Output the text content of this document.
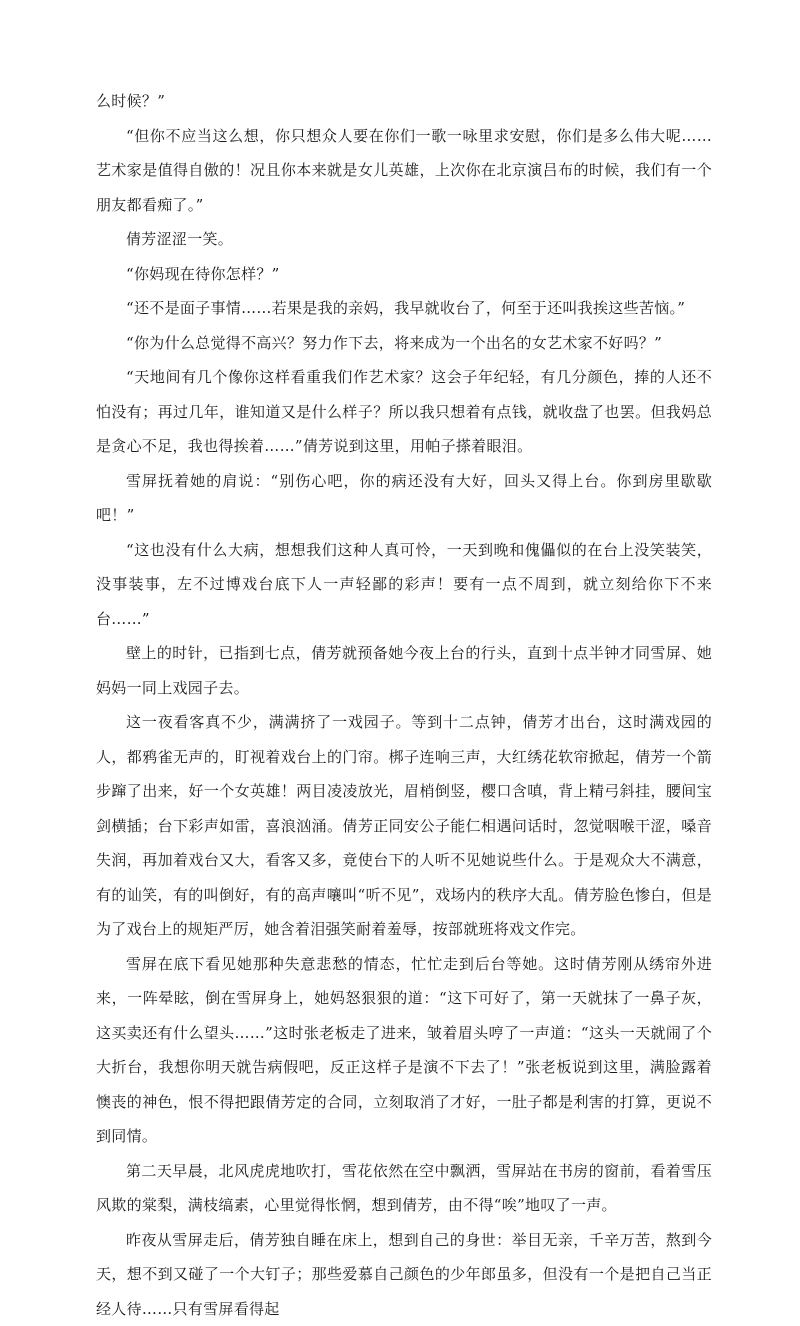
么时候？”

“但你不应当这么想，你只想众人要在你们一歌一咏里求安慰，你们是多么伟大呢……艺术家是值得自傲的！况且你本来就是女儿英雄，上次你在北京演吕布的时候，我们有一个朋友都看痴了。”

倩芳涩涩一笑。

“你妈现在待你怎样？”

“还不是面子事情……若果是我的亲妈，我早就收台了，何至于还叫我挨这些苦恼。”

“你为什么总觉得不高兴？努力作下去，将来成为一个出名的女艺术家不好吗？”

“天地间有几个像你这样看重我们作艺术家？这会子年纪轻，有几分颜色，捧的人还不怕没有；再过几年，谁知道又是什么样子？所以我只想着有点钱，就收盘了也罢。但我妈总是贪心不足，我也得挨着……”倩芳说到这里，用帕子搽着眼泪。

雪屏抚着她的肩说：“别伤心吧，你的病还没有大好，回头又得上台。你到房里歇歇吧！”

“这也没有什么大病，想想我们这种人真可怜，一天到晚和傀儡似的在台上没笑装笑，没事装事，左不过博戏台底下人一声轻鄙的彩声！要有一点不周到，就立刻给你下不来台……”

壁上的时针，已指到七点，倩芳就预备她今夜上台的行头，直到十点半钟才同雪屏、她妈妈一同上戏园子去。

这一夜看客真不少，满满挤了一戏园子。等到十二点钟，倩芳才出台，这时满戏园的人，都鸦雀无声的，盯视着戏台上的门帘。梆子连响三声，大红绣花软帘掀起，倩芳一个箭步蹿了出来，好一个女英雄！两目凌凌放光，眉梢倒竖，樱口含嗔，背上精弓斜挂，腰间宝剑横插；台下彩声如雷，喜浪汹涌。倩芳正同安公子能仁相遇问话时，忽觉咽喉干涩，嗓音失润，再加着戏台又大，看客又多，竟使台下的人听不见她说些什么。于是观众大不满意，有的讪笑，有的叫倒好，有的高声嚷叫“听不见”，戏场内的秩序大乱。倩芳脸色惨白，但是为了戏台上的规矩严厉，她含着泪强笑耐着羞辱，按部就班将戏文作完。

雪屏在底下看见她那种失意悲愁的情态，忙忙走到后台等她。这时倩芳刚从绣帘外进来，一阵晕眩，倒在雪屏身上，她妈怒狠狠的道：“这下可好了，第一天就抹了一鼻子灰，这买卖还有什么望头……”这时张老板走了进来，皱着眉头哼了一声道：“这头一天就闹了个大折台，我想你明天就告病假吧，反正这样子是演不下去了！”张老板说到这里，满脸露着懊丧的神色，恨不得把跟倩芳定的合同，立刻取消了才好，一肚子都是利害的打算，更说不到同情。

第二天早晨，北风虎虎地吹打，雪花依然在空中飘洒，雪屏站在书房的窗前，看着雪压风欺的棠梨，满枝缟素，心里觉得怅惘，想到倩芳，由不得“唉”地叹了一声。

昨夜从雪屏走后，倩芳独自睡在床上，想到自己的身世：举目无亲，千辛万苦，熬到今天，想不到又碰了一个大钉子；那些爱慕自己颜色的少年郎虽多，但没有一个是把自己当正经人待……只有雪屏看得起
